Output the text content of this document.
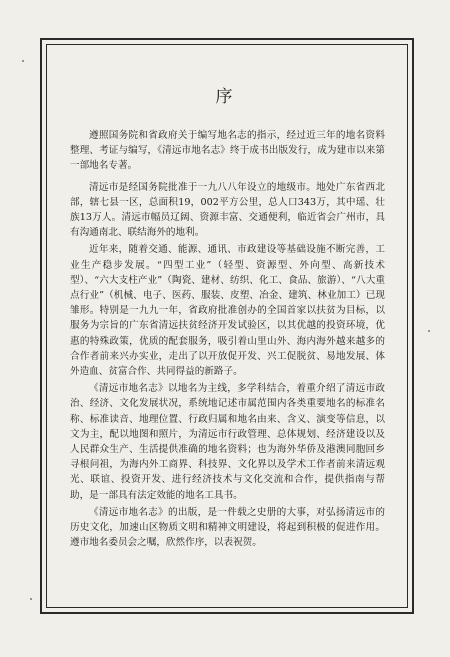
序

遵照国务院和省政府关于编写地名志的指示，经过近三年的地名资料整理、考证与编写，《清远市地名志》终于成书出版发行，成为建市以来第一部地名专著。

清远市是经国务院批准于一九八八年设立的地级市。地处广东省西北部，辖七县一区，总面积19，002平方公里，总人口343万，其中瑶、壮族13万人。清远市幅员辽阔、资源丰富、交通便利，临近省会广州市，具有沟通南北、联结海外的地利。

近年来，随着交通、能源、通讯、市政建设等基础设施不断完善，工业生产稳步发展。“四型工业”（轻型、资源型、外向型、高新技术型）、“六大支柱产业”（陶瓷、建材、纺织、化工、食品、旅游）、“八大重点行业”（机械、电子、医药、服装、皮塑、冶金、建筑、林业加工）已现雏形。特别是一九九一年，省政府批准创办的全国首家以扶贫为目标，以服务为宗旨的广东省清远扶贫经济开发试验区，以其优越的投资环境，优惠的特殊政策，优质的配套服务，吸引着山里山外、海内海外越来越多的合作者前来兴办实业，走出了以开放促开发、兴工促脱贫、易地发展、体外造血、贫富合作、共同得益的新路子。

《清远市地名志》以地名为主线，多学科结合，着重介绍了清远市政治、经济、文化发展状况，系统地记述市属范围内各类重要地名的标准名称、标准读音、地理位置、行政归属和地名由来、含义、演变等信息，以文为主，配以地图和照片，为清远市行政管理、总体规划、经济建设以及人民群众生产、生活提供准确的地名资料；也为海外华侨及港澳同胞回乡寻根问祖，为海内外工商界、科技界、文化界以及学术工作者前来清远观光、联谊、投资开发、进行经济技术与文化交流和合作，提供指南与帮助，是一部具有法定效能的地名工具书。

《清远市地名志》的出版，是一件载之史册的大事，对弘扬清远市的历史文化，加速山区物质文明和精神文明建设，将起到积极的促进作用。遵市地名委员会之嘱，欣然作序，以表祝贺。
